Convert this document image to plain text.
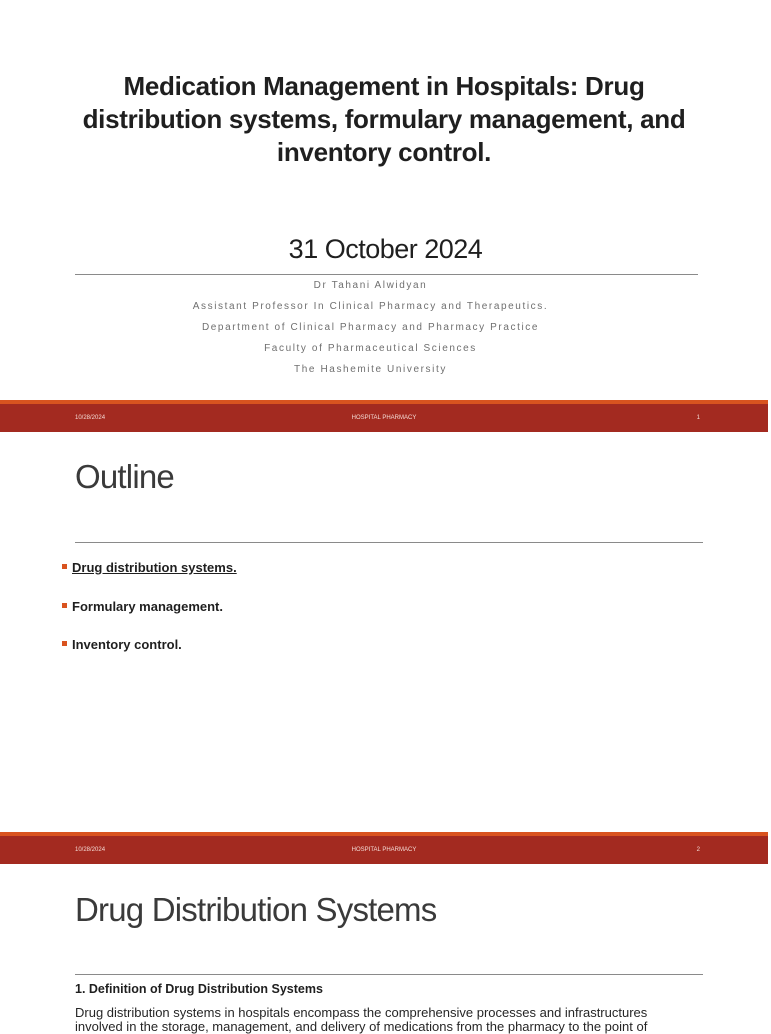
Medication Management in Hospitals: Drug distribution systems, formulary management, and inventory control.
31 October 2024
Dr Tahani Alwidyan
Assistant Professor In Clinical Pharmacy and Therapeutics.
Department of Clinical Pharmacy and Pharmacy Practice
Faculty of Pharmaceutical Sciences
The Hashemite University
10/28/2024	HOSPITAL PHARMACY	1
Outline
Drug distribution systems.
Formulary management.
Inventory control.
10/28/2024	HOSPITAL PHARMACY	2
Drug Distribution Systems
1. Definition of Drug Distribution Systems

Drug distribution systems in hospitals encompass the comprehensive processes and infrastructures involved in the storage, management, and delivery of medications from the pharmacy to the point of
